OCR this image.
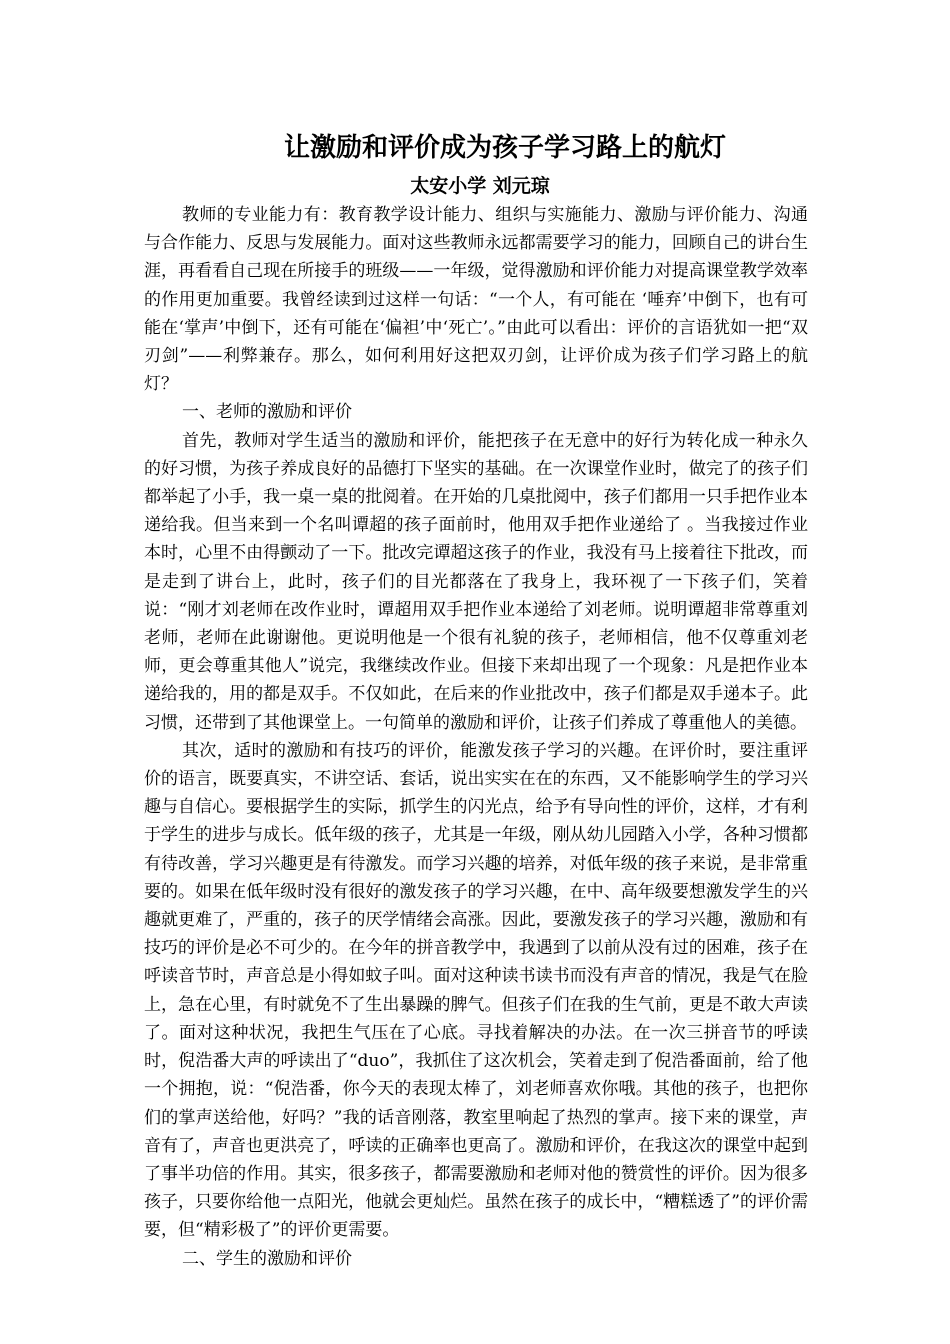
让激励和评价成为孩子学习路上的航灯
太安小学 刘元琼

教师的专业能力有：教育教学设计能力、组织与实施能力、激励与评价能力、沟通与合作能力、反思与发展能力。面对这些教师永远都需要学习的能力，回顾自己的讲台生涯，再看看自己现在所接手的班级——一年级，觉得激励和评价能力对提高课堂教学效率的作用更加重要。我曾经读到过这样一句话：“一个人，有可能在 ‘唾弃’中倒下，也有可能在‘掌声’中倒下，还有可能在‘偏袒’中‘死亡’。”由此可以看出：评价的言语犹如一把“双刃剑”——利弊兼存。那么，如何利用好这把双刃剑，让评价成为孩子们学习路上的航灯？

一、老师的激励和评价

首先，教师对学生适当的激励和评价，能把孩子在无意中的好行为转化成一种永久的好习惯，为孩子养成良好的品德打下坚实的基础。在一次课堂作业时，做完了的孩子们都举起了小手，我一桌一桌的批阅着。在开始的几桌批阅中，孩子们都用一只手把作业本递给我。但当来到一个名叫谭超的孩子面前时，他用双手把作业递给了 。当我接过作业本时，心里不由得颤动了一下。批改完谭超这孩子的作业，我没有马上接着往下批改，而是走到了讲台上，此时，孩子们的目光都落在了我身上，我环视了一下孩子们，笑着说：“刚才刘老师在改作业时，谭超用双手把作业本递给了刘老师。说明谭超非常尊重刘老师，老师在此谢谢他。更说明他是一个很有礼貌的孩子，老师相信，他不仅尊重刘老师，更会尊重其他人”说完，我继续改作业。但接下来却出现了一个现象：凡是把作业本递给我的，用的都是双手。不仅如此，在后来的作业批改中，孩子们都是双手递本子。此习惯，还带到了其他课堂上。一句简单的激励和评价，让孩子们养成了尊重他人的美德。

其次，适时的激励和有技巧的评价，能激发孩子学习的兴趣。在评价时，要注重评价的语言，既要真实，不讲空话、套话，说出实实在在的东西，又不能影响学生的学习兴趣与自信心。要根据学生的实际，抓学生的闪光点，给予有导向性的评价，这样，才有利于学生的进步与成长。低年级的孩子，尤其是一年级，刚从幼儿园踏入小学，各种习惯都有待改善，学习兴趣更是有待激发。而学习兴趣的培养，对低年级的孩子来说，是非常重要的。如果在低年级时没有很好的激发孩子的学习兴趣，在中、高年级要想激发学生的兴趣就更难了，严重的，孩子的厌学情绪会高涨。因此，要激发孩子的学习兴趣，激励和有技巧的评价是必不可少的。在今年的拼音教学中，我遇到了以前从没有过的困难，孩子在呼读音节时，声音总是小得如蚊子叫。面对这种读书读书而没有声音的情况，我是气在脸上，急在心里，有时就免不了生出暴躁的脾气。但孩子们在我的生气前，更是不敢大声读了。面对这种状况，我把生气压在了心底。寻找着解决的办法。在一次三拼音节的呼读时，倪浩番大声的呼读出了“duo”，我抓住了这次机会，笑着走到了倪浩番面前，给了他一个拥抱，说：“倪浩番，你今天的表现太棒了，刘老师喜欢你哦。其他的孩子，也把你们的掌声送给他，好吗？”我的话音刚落，教室里响起了热烈的掌声。接下来的课堂，声音有了，声音也更洪亮了，呼读的正确率也更高了。激励和评价，在我这次的课堂中起到了事半功倍的作用。其实，很多孩子，都需要激励和老师对他的赞赏性的评价。因为很多孩子，只要你给他一点阳光，他就会更灿烂。虽然在孩子的成长中，“糟糕透了”的评价需要，但“精彩极了”的评价更需要。

二、学生的激励和评价
